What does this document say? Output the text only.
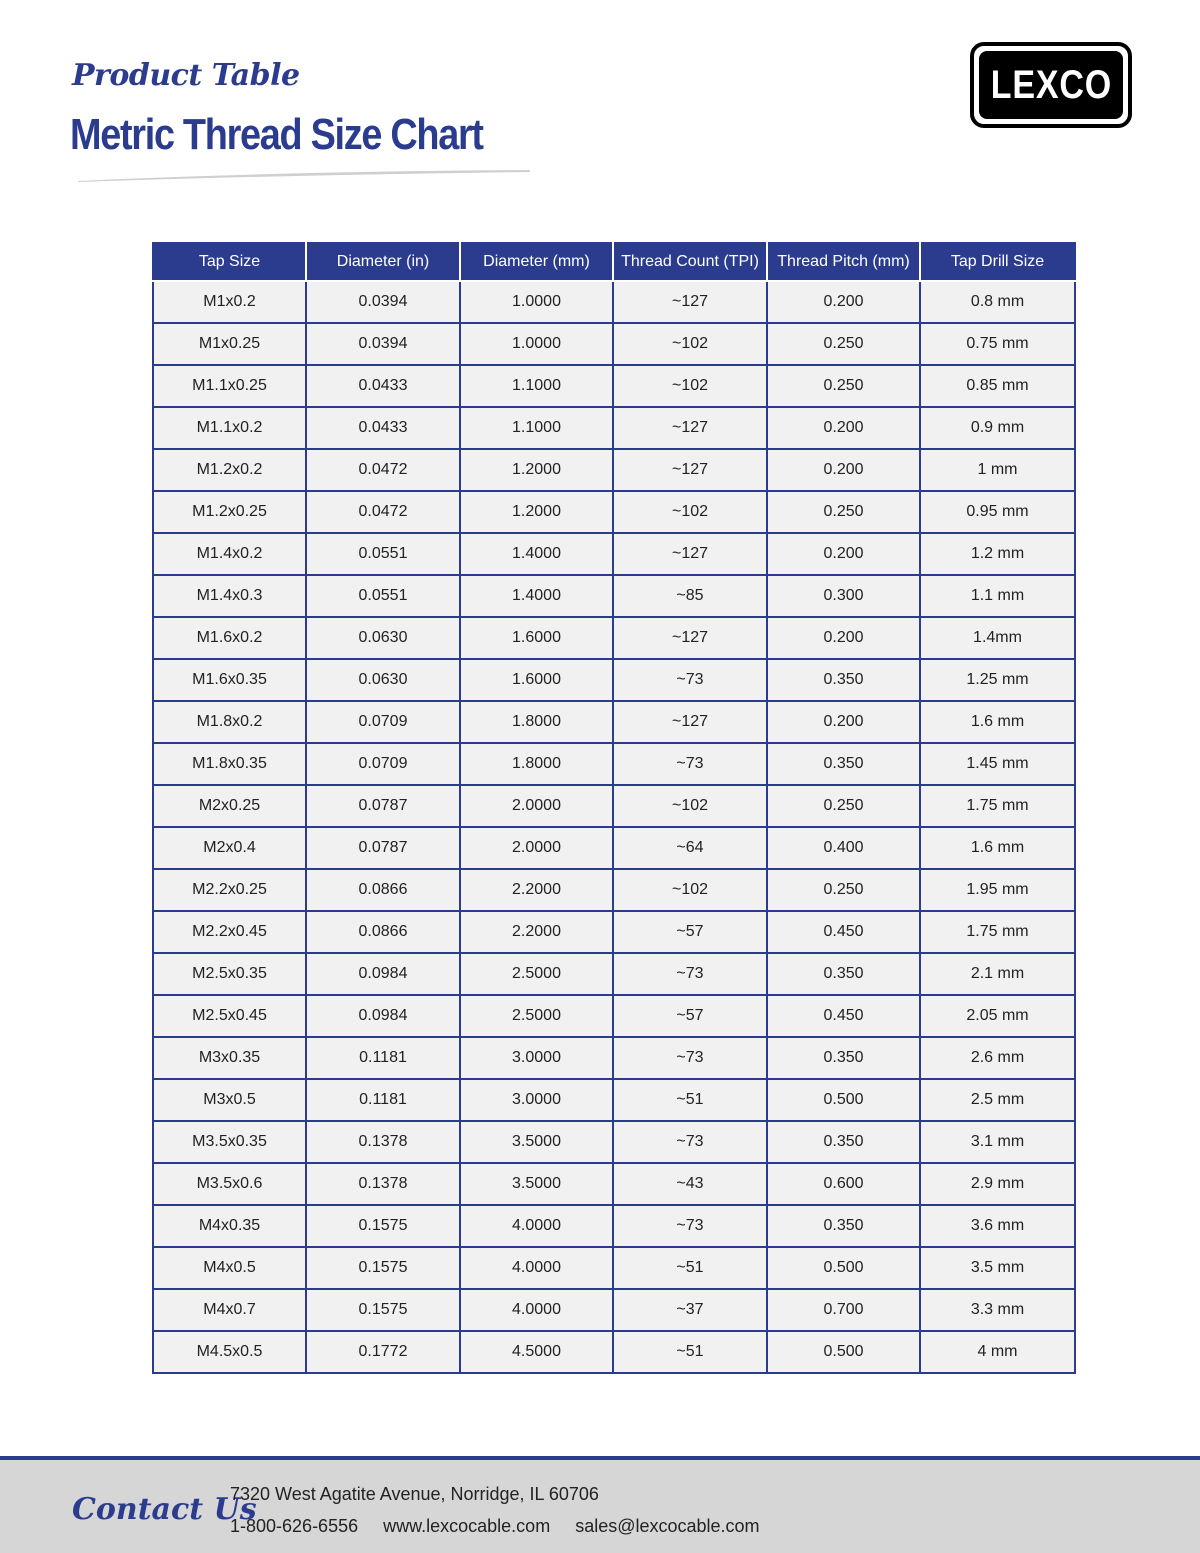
Product Table
Metric Thread Size Chart
LEXCO
Tap Size	Diameter (in)	Diameter (mm)	Thread Count (TPI)	Thread Pitch (mm)	Tap Drill Size
M1x0.2	0.0394	1.0000	~127	0.200	0.8 mm
M1x0.25	0.0394	1.0000	~102	0.250	0.75 mm
M1.1x0.25	0.0433	1.1000	~102	0.250	0.85 mm
M1.1x0.2	0.0433	1.1000	~127	0.200	0.9 mm
M1.2x0.2	0.0472	1.2000	~127	0.200	1 mm
M1.2x0.25	0.0472	1.2000	~102	0.250	0.95 mm
M1.4x0.2	0.0551	1.4000	~127	0.200	1.2 mm
M1.4x0.3	0.0551	1.4000	~85	0.300	1.1 mm
M1.6x0.2	0.0630	1.6000	~127	0.200	1.4mm
M1.6x0.35	0.0630	1.6000	~73	0.350	1.25 mm
M1.8x0.2	0.0709	1.8000	~127	0.200	1.6 mm
M1.8x0.35	0.0709	1.8000	~73	0.350	1.45 mm
M2x0.25	0.0787	2.0000	~102	0.250	1.75 mm
M2x0.4	0.0787	2.0000	~64	0.400	1.6 mm
M2.2x0.25	0.0866	2.2000	~102	0.250	1.95 mm
M2.2x0.45	0.0866	2.2000	~57	0.450	1.75 mm
M2.5x0.35	0.0984	2.5000	~73	0.350	2.1 mm
M2.5x0.45	0.0984	2.5000	~57	0.450	2.05 mm
M3x0.35	0.1181	3.0000	~73	0.350	2.6 mm
M3x0.5	0.1181	3.0000	~51	0.500	2.5 mm
M3.5x0.35	0.1378	3.5000	~73	0.350	3.1 mm
M3.5x0.6	0.1378	3.5000	~43	0.600	2.9 mm
M4x0.35	0.1575	4.0000	~73	0.350	3.6 mm
M4x0.5	0.1575	4.0000	~51	0.500	3.5 mm
M4x0.7	0.1575	4.0000	~37	0.700	3.3 mm
M4.5x0.5	0.1772	4.5000	~51	0.500	4 mm
Contact Us
7320 West Agatite Avenue, Norridge, IL 60706
1-800-626-6556 www.lexcocable.com sales@lexcocable.com
